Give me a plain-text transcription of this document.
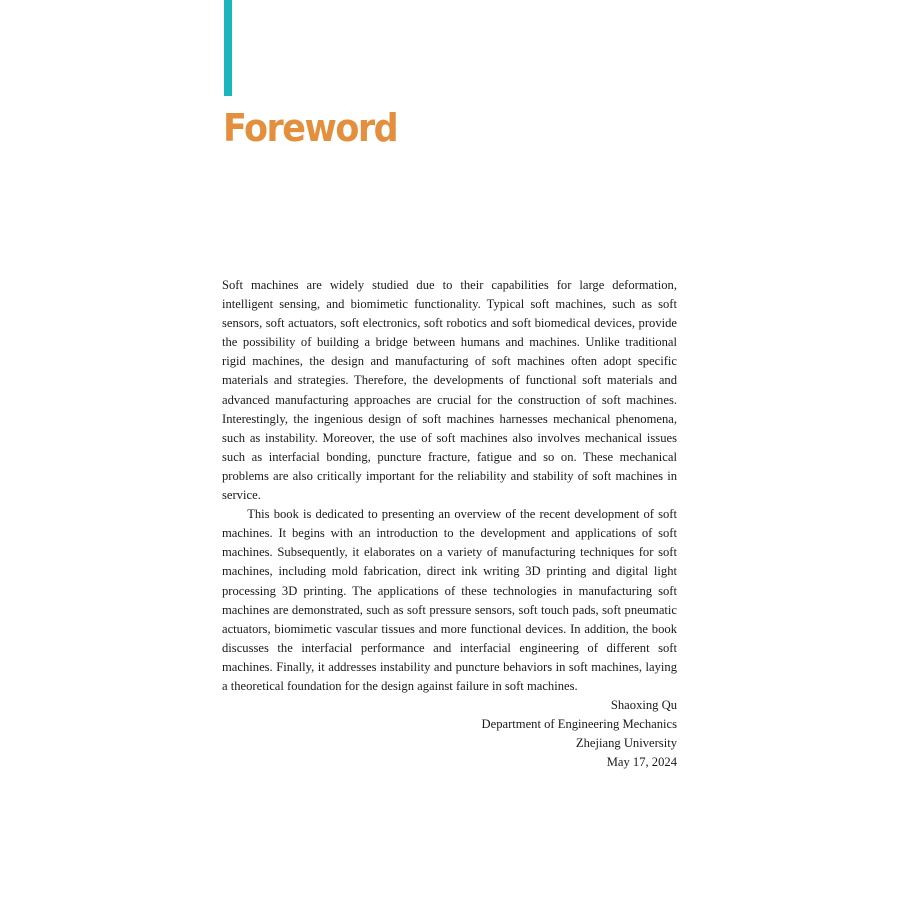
Foreword

Soft machines are widely studied due to their capabilities for large deformation, intelligent sensing, and biomimetic functionality. Typical soft machines, such as soft sensors, soft actuators, soft electronics, soft robotics and soft biomedical devices, provide the possibility of building a bridge between humans and machines. Unlike traditional rigid machines, the design and manufacturing of soft machines often adopt specific materials and strategies. Therefore, the developments of functional soft materials and advanced manufacturing approaches are crucial for the construction of soft machines. Interestingly, the ingenious design of soft machines harnesses mechanical phenomena, such as instability. Moreover, the use of soft machines also involves mechanical issues such as interfacial bonding, puncture fracture, fatigue and so on. These mechanical problems are also critically important for the reliability and stability of soft machines in service.

This book is dedicated to presenting an overview of the recent development of soft machines. It begins with an introduction to the development and applications of soft machines. Subsequently, it elaborates on a variety of manufacturing techniques for soft machines, including mold fabrication, direct ink writing 3D printing and digital light processing 3D printing. The applications of these technologies in manufacturing soft machines are demonstrated, such as soft pressure sensors, soft touch pads, soft pneumatic actuators, biomimetic vascular tissues and more functional devices. In addition, the book discusses the interfacial performance and interfacial engineering of different soft machines. Finally, it addresses instability and puncture behaviors in soft machines, laying a theoretical foundation for the design against failure in soft machines.

Shaoxing Qu
Department of Engineering Mechanics
Zhejiang University
May 17, 2024
